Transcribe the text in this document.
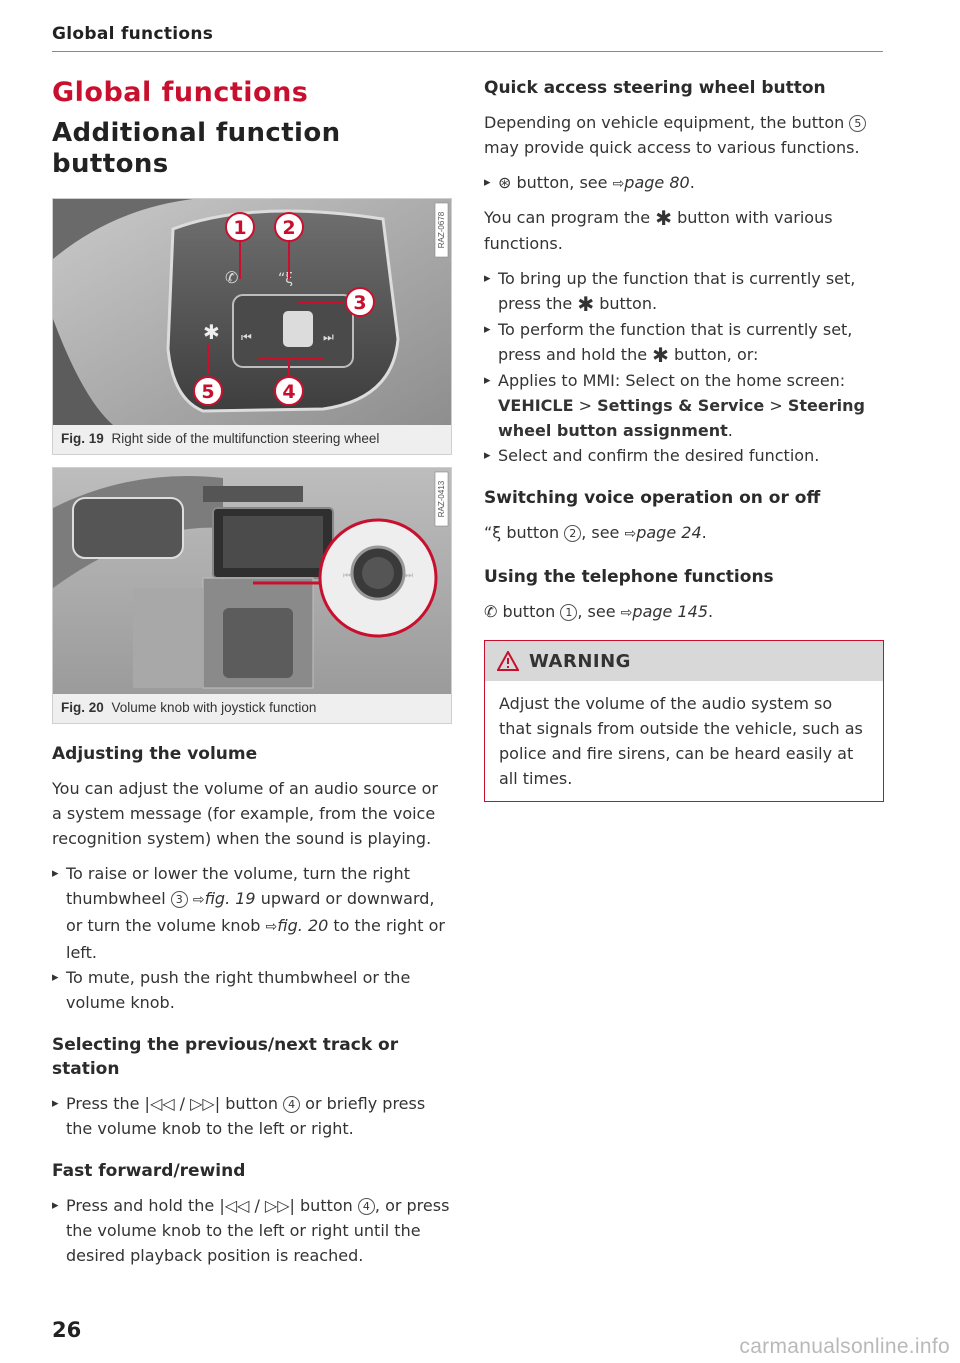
Global functions
Global functions
Additional function
buttons
✱ ⏮	⏭
✆	“ξ
1 2
3
4
5
RAZ-0678
Fig. 19 Right side of the multifunction steering wheel
⏮	⏭
RAZ-0413
Fig. 20 Volume knob with joystick function
Adjusting the volume

You can adjust the volume of an audio source or a system message (for example, from the voice recognition system) when the sound is playing.

▸ To raise or lower the volume, turn the right thumbwheel 3 ⇨fig. 19 upward or downward, or turn the volume knob ⇨fig. 20 to the right or left.
▸ To mute, push the right thumbwheel or the volume knob.
Selecting the previous/next track or station
▸ Press the |◁◁ / ▷▷| button 4 or briefly press the volume knob to the left or right.
Fast forward/rewind
▸ Press and hold the |◁◁ / ▷▷| button 4 , or press the volume knob to the left or right until the desired playback position is reached.
Quick access steering wheel button

Depending on vehicle equipment, the button 5 may provide quick access to various functions.

▸ ⊛ button, see ⇨page 80.

You can program the ✱ button with various functions.

▸ To bring up the function that is currently set, press the ✱ button.
▸ To perform the function that is currently set, press and hold the ✱ button, or:
▸ Applies to MMI: Select on the home screen: VEHICLE > Settings & Service > Steering wheel button assignment.
▸ Select and confirm the desired function.
Switching voice operation on or off

“ξ button 2 , see ⇨page 24.

Using the telephone functions

✆ button 1 , see ⇨page 145.

WARNING
Adjust the volume of the audio system so that signals from outside the vehicle, such as police and fire sirens, can be heard easily at all times.
26
carmanualsonline.info
